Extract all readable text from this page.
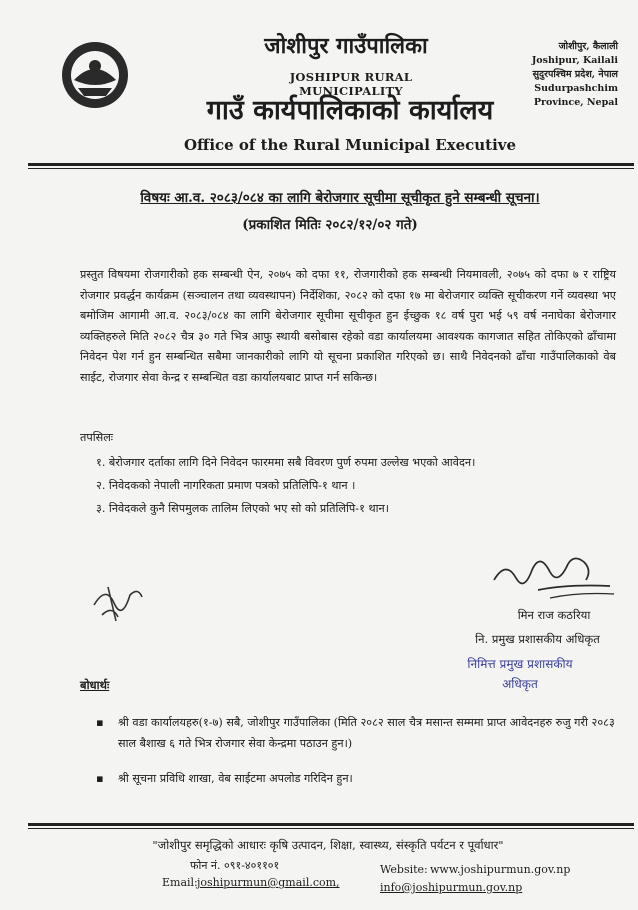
जोशीपुर गाउँपालिका
JOSHIPUR RURAL MUNICIPALITY
गाउँ कार्यपालिकाको कार्यालय
Office of the Rural Municipal Executive
जोशीपुर, कैलाली
Joshipur, Kailali
सुदुरपश्चिम प्रदेश, नेपाल
Sudurpashchim
Province, Nepal
विषयः आ.व. २०८३/०८४ का लागि बेरोजगार सूचीमा सूचीकृत हुने सम्बन्धी सूचना।
(प्रकाशित मितिः २०८२/१२/०२ गते)
प्रस्तुत विषयमा रोजगारीको हक सम्बन्धी ऐन, २०७५ को दफा ११, रोजगारीको हक सम्बन्धी नियमावली, २०७५ को दफा ७ र राष्ट्रिय रोजगार प्रवर्द्धन कार्यक्रम (सञ्चालन तथा व्यवस्थापन) निर्देशिका, २०८२ को दफा १७ मा बेरोजगार व्यक्ति सूचीकरण गर्ने व्यवस्था भए बमोजिम आगामी आ.व. २०८३/०८४ का लागि बेरोजगार सूचीमा सूचीकृत हुन ईच्छुक १८ वर्ष पुरा भई ५९ वर्ष ननाघेका बेरोजगार व्यक्तिहरुले मिति २०८२ चैत्र ३० गते भित्र आफु स्थायी बसोबास रहेको वडा कार्यालयमा आवश्यक कागजात सहित तोकिएको ढाँचामा निवेदन पेश गर्न हुन सम्बन्धित सबैमा जानकारीको लागि यो सूचना प्रकाशित गरिएको छ। साथै निवेदनको ढाँचा गाउँपालिकाको वेब साईट, रोजगार सेवा केन्द्र र सम्बन्धित वडा कार्यालयबाट प्राप्त गर्न सकिन्छ।
तपसिलः
१. बेरोजगार दर्ताका लागि दिने निवेदन फारममा सबै विवरण पुर्ण रुपमा उल्लेख भएको आवेदन।
२. निवेदकको नेपाली नागरिकता प्रमाण पत्रको प्रतिलिपि-१ थान ।
३. निवेदकले कुनै सिपमुलक तालिम लिएको भए सो को प्रतिलिपि-१ थान।
मिन राज कठरिया
नि. प्रमुख प्रशासकीय अधिकृत
निमित्त प्रमुख प्रशासकीय
अधिकृत
बोधार्थः
▪	श्री वडा कार्यालयहरु(१-७) सबै, जोशीपुर गाउँपालिका (मिति २०८२ साल चैत्र मसान्त सम्ममा प्राप्त आवेदनहरु रुजु गरी २०८३ साल बैशाख ६ गते भित्र रोजगार सेवा केन्द्रमा पठाउन हुन।)
▪	श्री सूचना प्रविधि शाखा, वेब साईटमा अपलोड गरिदिन हुन।
"जोशीपुर समृद्धिको आधारः कृषि उत्पादन, शिक्षा, स्वास्थ्य, संस्कृति पर्यटन र पूर्वाधार"
फोन नं. ०९१-४०११०१
Email: joshipurmun@gmail.com,
Website: www.joshipurmun.gov.np
info@joshipurmun.gov.np
